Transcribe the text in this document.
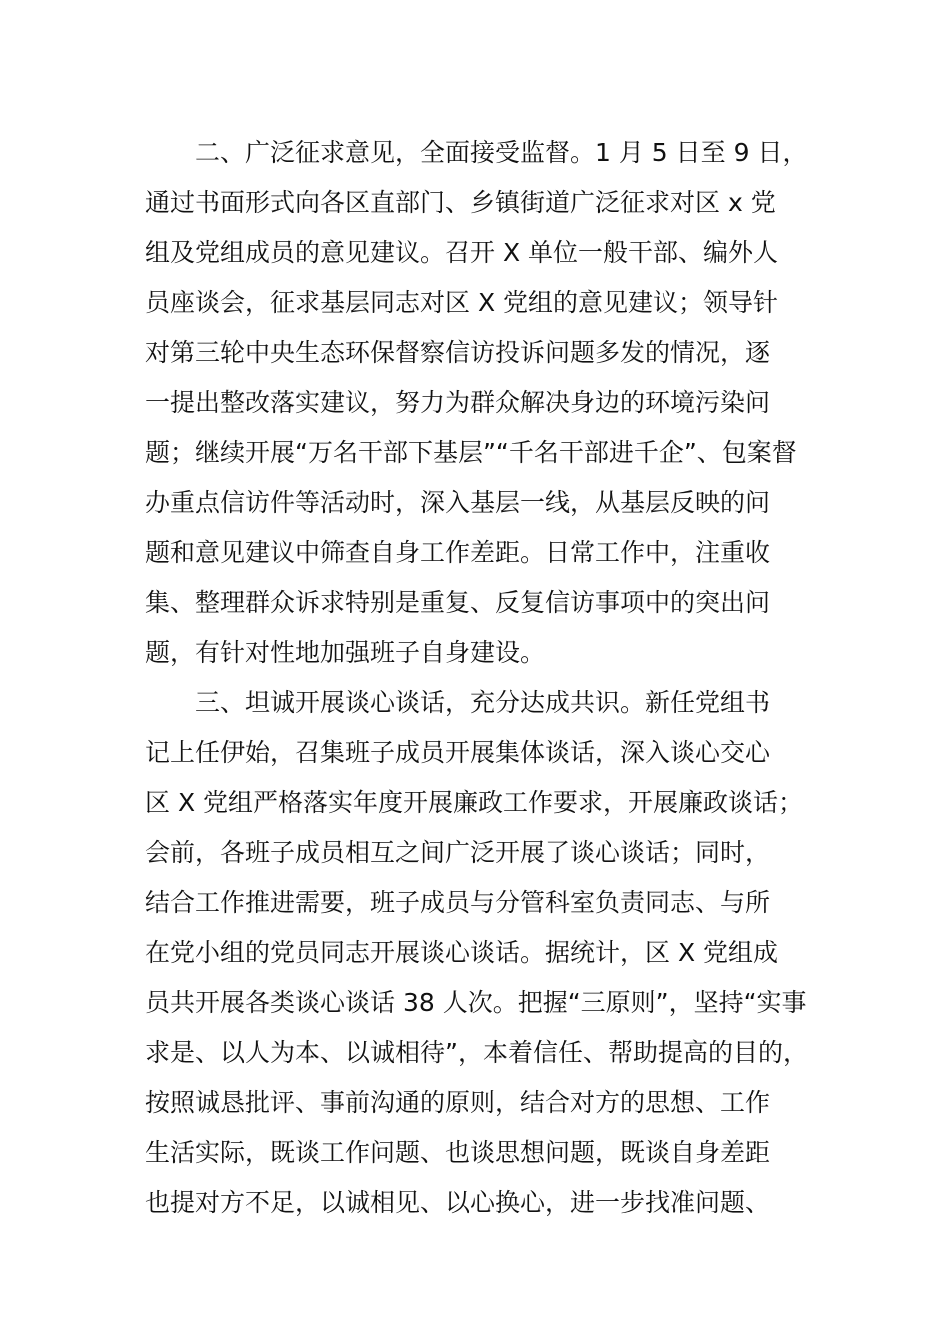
二、广泛征求意见，全面接受监督。1 月 5 日至 9 日，
通过书面形式向各区直部门、乡镇街道广泛征求对区 x 党
组及党组成员的意见建议。召开 X 单位一般干部、编外人
员座谈会，征求基层同志对区 X 党组的意见建议；领导针
对第三轮中央生态环保督察信访投诉问题多发的情况，逐
一提出整改落实建议，努力为群众解决身边的环境污染问
题；继续开展“万名干部下基层”“千名干部进千企”、包案督
办重点信访件等活动时，深入基层一线，从基层反映的问
题和意见建议中筛查自身工作差距。日常工作中，注重收
集、整理群众诉求特别是重复、反复信访事项中的突出问
题，有针对性地加强班子自身建设。
三、坦诚开展谈心谈话，充分达成共识。新任党组书
记上任伊始，召集班子成员开展集体谈话，深入谈心交心
区 X 党组严格落实年度开展廉政工作要求，开展廉政谈话；
会前，各班子成员相互之间广泛开展了谈心谈话；同时，
结合工作推进需要，班子成员与分管科室负责同志、与所
在党小组的党员同志开展谈心谈话。据统计，区 X 党组成
员共开展各类谈心谈话 38 人次。把握“三原则”，坚持“实事
求是、以人为本、以诚相待”，本着信任、帮助提高的目的，
按照诚恳批评、事前沟通的原则，结合对方的思想、工作
生活实际，既谈工作问题、也谈思想问题，既谈自身差距
也提对方不足，以诚相见、以心换心，进一步找准问题、
